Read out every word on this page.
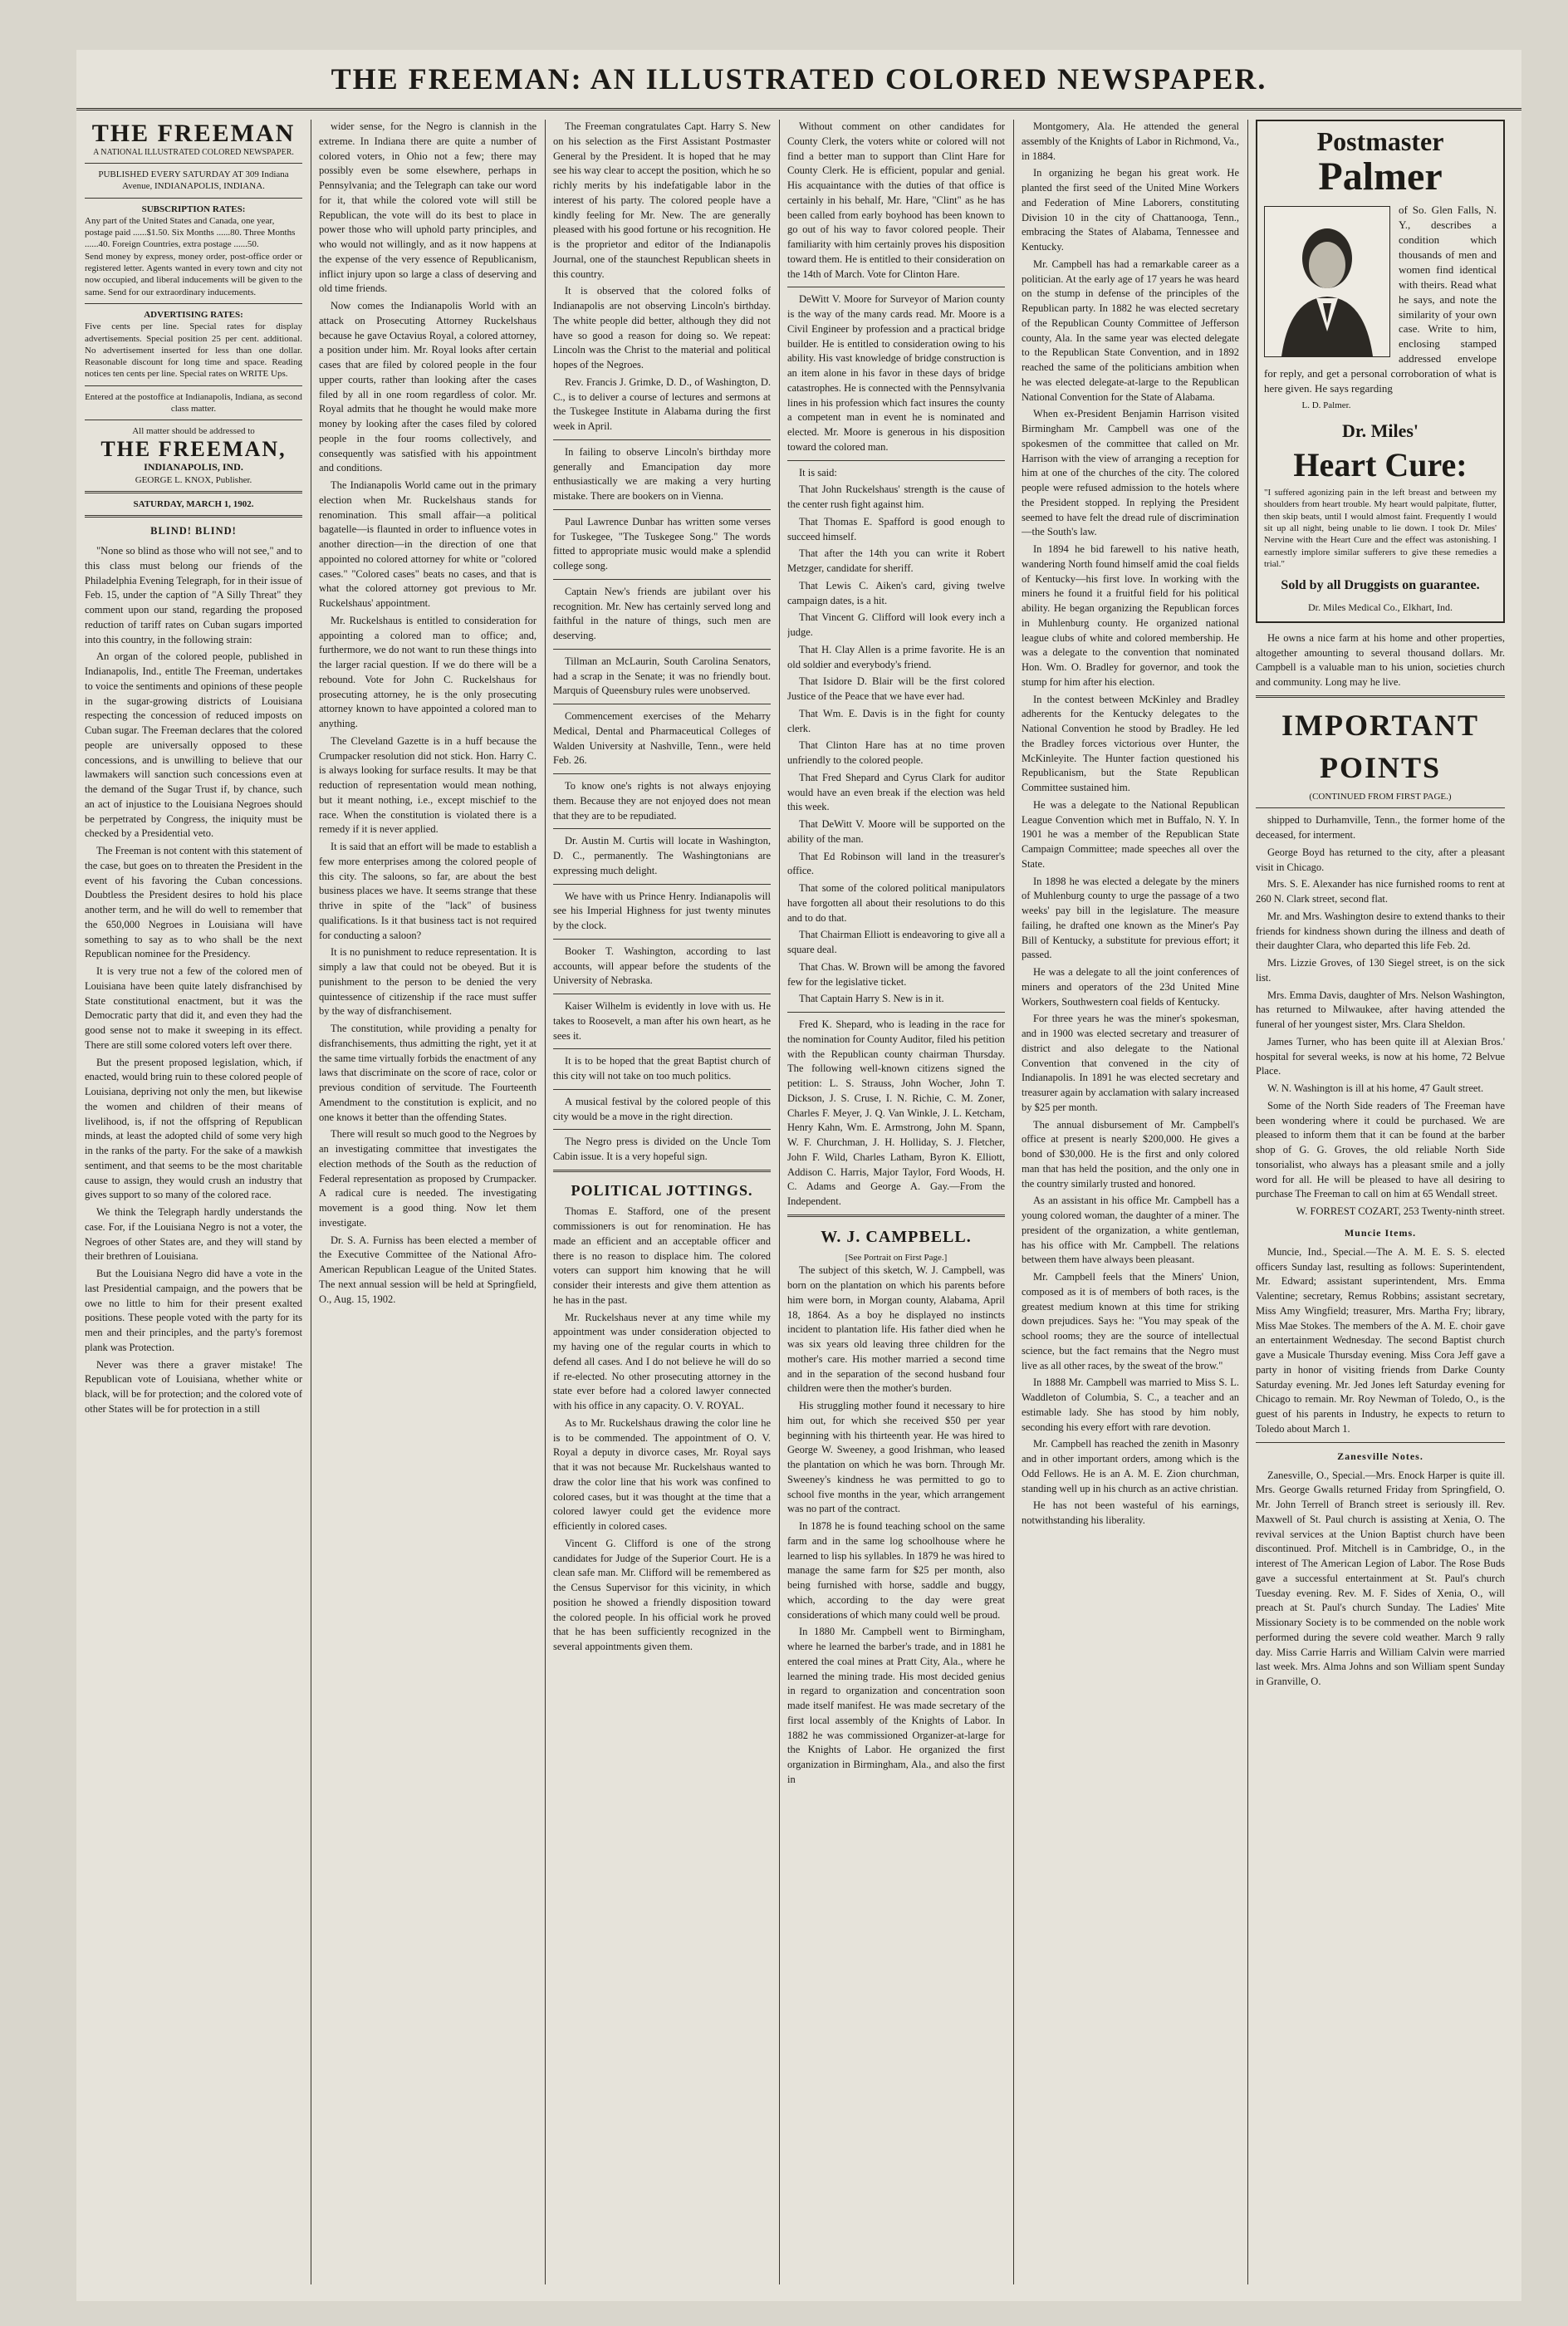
THE FREEMAN: AN ILLUSTRATED COLORED NEWSPAPER.
THE FREEMAN
A NATIONAL ILLUSTRATED COLORED NEWSPAPER.
PUBLISHED EVERY SATURDAY AT 309 Indiana Avenue, INDIANAPOLIS, INDIANA.
SUBSCRIPTION RATES:
Any part of the United States and Canada, one year, postage paid ......$1.50. Six Months ......80. Three Months ......40. Foreign Countries, extra postage ......50.
Send money by express, money order, post-office order or registered letter. Agents wanted in every town and city not now occupied, and liberal inducements will be given to the same. Send for our extraordinary inducements.
ADVERTISING RATES:
Five cents per line. Special rates for display advertisements. Special position 25 per cent. additional. No advertisement inserted for less than one dollar. Reasonable discount for long time and space. Reading notices ten cents per line. Special rates on WRITE Ups.
Entered at the postoffice at Indianapolis, Indiana, as second class matter.
All matter should be addressed to
THE FREEMAN,
INDIANAPOLIS, IND.
GEORGE L. KNOX, Publisher.
SATURDAY, MARCH 1, 1902.
BLIND! BLIND!

"None so blind as those who will not see," and to this class must belong our friends of the Philadelphia Evening Telegraph, for in their issue of Feb. 15, under the caption of "A Silly Threat" they comment upon our stand, regarding the proposed reduction of tariff rates on Cuban sugars imported into this country, in the following strain:

An organ of the colored people, published in Indianapolis, Ind., entitle The Freeman, undertakes to voice the sentiments and opinions of these people in the sugar-growing districts of Louisiana respecting the concession of reduced imposts on Cuban sugar. The Freeman declares that the colored people are universally opposed to these concessions, and is unwilling to believe that our lawmakers will sanction such concessions even at the demand of the Sugar Trust if, by chance, such an act of injustice to the Louisiana Negroes should be perpetrated by Congress, the iniquity must be checked by a Presidential veto.

The Freeman is not content with this statement of the case, but goes on to threaten the President in the event of his favoring the Cuban concessions. Doubtless the President desires to hold his place another term, and he will do well to remember that the 650,000 Negroes in Louisiana will have something to say as to who shall be the next Republican nominee for the Presidency.

It is very true not a few of the colored men of Louisiana have been quite lately disfranchised by State constitutional enactment, but it was the Democratic party that did it, and even they had the good sense not to make it sweeping in its effect. There are still some colored voters left over there.

But the present proposed legislation, which, if enacted, would bring ruin to these colored people of Louisiana, depriving not only the men, but likewise the women and children of their means of livelihood, is, if not the offspring of Republican minds, at least the adopted child of some very high in the ranks of the party. For the sake of a mawkish sentiment, and that seems to be the most charitable cause to assign, they would crush an industry that gives support to so many of the colored race.

We think the Telegraph hardly understands the case. For, if the Louisiana Negro is not a voter, the Negroes of other States are, and they will stand by their brethren of Louisiana.

But the Louisiana Negro did have a vote in the last Presidential campaign, and the powers that be owe no little to him for their present exalted positions. These people voted with the party for its men and their principles, and the party's foremost plank was Protection.

Never was there a graver mistake! The Republican vote of Louisiana, whether white or black, will be for protection; and the colored vote of other States will be for protection in a still

wider sense, for the Negro is clannish in the extreme. In Indiana there are quite a number of colored voters, in Ohio not a few; there may possibly even be some elsewhere, perhaps in Pennsylvania; and the Telegraph can take our word for it, that while the colored vote will still be Republican, the vote will do its best to place in power those who will uphold party principles, and who would not willingly, and as it now happens at the expense of the very essence of Republicanism, inflict injury upon so large a class of deserving and old time friends.

Now comes the Indianapolis World with an attack on Prosecuting Attorney Ruckelshaus because he gave Octavius Royal, a colored attorney, a position under him. Mr. Royal looks after certain cases that are filed by colored people in the four upper courts, rather than looking after the cases filed by all in one room regardless of color. Mr. Royal admits that he thought he would make more money by looking after the cases filed by colored people in the four rooms collectively, and consequently was satisfied with his appointment and conditions.

The Indianapolis World came out in the primary election when Mr. Ruckelshaus stands for renomination. This small affair—a political bagatelle—is flaunted in order to influence votes in another direction—in the direction of one that appointed no colored attorney for white or "colored cases." "Colored cases" beats no cases, and that is what the colored attorney got previous to Mr. Ruckelshaus' appointment.

Mr. Ruckelshaus is entitled to consideration for appointing a colored man to office; and, furthermore, we do not want to run these things into the larger racial question. If we do there will be a rebound. Vote for John C. Ruckelshaus for prosecuting attorney, he is the only prosecuting attorney known to have appointed a colored man to anything.

The Cleveland Gazette is in a huff because the Crumpacker resolution did not stick. Hon. Harry C. is always looking for surface results. It may be that reduction of representation would mean nothing, but it meant nothing, i.e., except mischief to the race. When the constitution is violated there is a remedy if it is never applied.

It is said that an effort will be made to establish a few more enterprises among the colored people of this city. The saloons, so far, are about the best business places we have. It seems strange that these thrive in spite of the "lack" of business qualifications. Is it that business tact is not required for conducting a saloon?

It is no punishment to reduce representation. It is simply a law that could not be obeyed. But it is punishment to the person to be denied the very quintessence of citizenship if the race must suffer by the way of disfranchisement.

The constitution, while providing a penalty for disfranchisements, thus admitting the right, yet it at the same time virtually forbids the enactment of any laws that discriminate on the score of race, color or previous condition of servitude. The Fourteenth Amendment to the constitution is explicit, and no one knows it better than the offending States.

There will result so much good to the Negroes by an investigating committee that investigates the election methods of the South as the reduction of Federal representation as proposed by Crumpacker. A radical cure is needed. The investigating movement is a good thing. Now let them investigate.

Dr. S. A. Furniss has been elected a member of the Executive Committee of the National Afro-American Republican League of the United States. The next annual session will be held at Springfield, O., Aug. 15, 1902.

The Freeman congratulates Capt. Harry S. New on his selection as the First Assistant Postmaster General by the President. It is hoped that he may see his way clear to accept the position, which he so richly merits by his indefatigable labor in the interest of his party. The colored people have a kindly feeling for Mr. New. The are generally pleased with his good fortune or his recognition. He is the proprietor and editor of the Indianapolis Journal, one of the staunchest Republican sheets in this country.

It is observed that the colored folks of Indianapolis are not observing Lincoln's birthday. The white people did better, although they did not have so good a reason for doing so. We repeat: Lincoln was the Christ to the material and political hopes of the Negroes.

Rev. Francis J. Grimke, D. D., of Washington, D. C., is to deliver a course of lectures and sermons at the Tuskegee Institute in Alabama during the first week in April.

In failing to observe Lincoln's birthday more generally and Emancipation day more enthusiastically we are making a very hurting mistake. There are bookers on in Vienna.

Paul Lawrence Dunbar has written some verses for Tuskegee, "The Tuskegee Song." The words fitted to appropriate music would make a splendid college song.

Captain New's friends are jubilant over his recognition. Mr. New has certainly served long and faithful in the nature of things, such men are deserving.

Tillman an McLaurin, South Carolina Senators, had a scrap in the Senate; it was no friendly bout. Marquis of Queensbury rules were unobserved.

Commencement exercises of the Meharry Medical, Dental and Pharmaceutical Colleges of Walden University at Nashville, Tenn., were held Feb. 26.

To know one's rights is not always enjoying them. Because they are not enjoyed does not mean that they are to be repudiated.

Dr. Austin M. Curtis will locate in Washington, D. C., permanently. The Washingtonians are expressing much delight.

We have with us Prince Henry. Indianapolis will see his Imperial Highness for just twenty minutes by the clock.

Booker T. Washington, according to last accounts, will appear before the students of the University of Nebraska.

Kaiser Wilhelm is evidently in love with us. He takes to Roosevelt, a man after his own heart, as he sees it.

It is to be hoped that the great Baptist church of this city will not take on too much politics.

A musical festival by the colored people of this city would be a move in the right direction.

The Negro press is divided on the Uncle Tom Cabin issue. It is a very hopeful sign.

POLITICAL JOTTINGS.

Thomas E. Stafford, one of the present commissioners is out for renomination. He has made an efficient and an acceptable officer and there is no reason to displace him. The colored voters can support him knowing that he will consider their interests and give them attention as he has in the past.

Mr. Ruckelshaus never at any time while my appointment was under consideration objected to my having one of the regular courts in which to defend all cases. And I do not believe he will do so if re-elected. No other prosecuting attorney in the state ever before had a colored lawyer connected with his office in any capacity. O. V. ROYAL.

As to Mr. Ruckelshaus drawing the color line he is to be commended. The appointment of O. V. Royal a deputy in divorce cases, Mr. Royal says that it was not because Mr. Ruckelshaus wanted to draw the color line that his work was confined to colored cases, but it was thought at the time that a colored lawyer could get the evidence more efficiently in colored cases.

Vincent G. Clifford is one of the strong candidates for Judge of the Superior Court. He is a clean safe man. Mr. Clifford will be remembered as the Census Supervisor for this vicinity, in which position he showed a friendly disposition toward the colored people. In his official work he proved that he has been sufficiently recognized in the several appointments given them.

Without comment on other candidates for County Clerk, the voters white or colored will not find a better man to support than Clint Hare for County Clerk. He is efficient, popular and genial. His acquaintance with the duties of that office is certainly in his behalf, Mr. Hare, "Clint" as he has been called from early boyhood has been known to go out of his way to favor colored people. Their familiarity with him certainly proves his disposition toward them. He is entitled to their consideration on the 14th of March. Vote for Clinton Hare.

DeWitt V. Moore for Surveyor of Marion county is the way of the many cards read. Mr. Moore is a Civil Engineer by profession and a practical bridge builder. He is entitled to consideration owing to his ability. His vast knowledge of bridge construction is an item alone in his favor in these days of bridge catastrophes. He is connected with the Pennsylvania lines in his profession which fact insures the county a competent man in event he is nominated and elected. Mr. Moore is generous in his disposition toward the colored man.

It is said:

That John Ruckelshaus' strength is the cause of the center rush fight against him.

That Thomas E. Spafford is good enough to succeed himself.

That after the 14th you can write it Robert Metzger, candidate for sheriff.

That Lewis C. Aiken's card, giving twelve campaign dates, is a hit.

That Vincent G. Clifford will look every inch a judge.

That H. Clay Allen is a prime favorite. He is an old soldier and everybody's friend.

That Isidore D. Blair will be the first colored Justice of the Peace that we have ever had.

That Wm. E. Davis is in the fight for county clerk.

That Clinton Hare has at no time proven unfriendly to the colored people.

That Fred Shepard and Cyrus Clark for auditor would have an even break if the election was held this week.

That DeWitt V. Moore will be supported on the ability of the man.

That Ed Robinson will land in the treasurer's office.

That some of the colored political manipulators have forgotten all about their resolutions to do this and to do that.

That Chairman Elliott is endeavoring to give all a square deal.

That Chas. W. Brown will be among the favored few for the legislative ticket.

That Captain Harry S. New is in it.

Fred K. Shepard, who is leading in the race for the nomination for County Auditor, filed his petition with the Republican county chairman Thursday. The following well-known citizens signed the petition: L. S. Strauss, John Wocher, John T. Dickson, J. S. Cruse, I. N. Richie, C. M. Zoner, Charles F. Meyer, J. Q. Van Winkle, J. L. Ketcham, Henry Kahn, Wm. E. Armstrong, John M. Spann, W. F. Churchman, J. H. Holliday, S. J. Fletcher, John F. Wild, Charles Latham, Byron K. Elliott, Addison C. Harris, Major Taylor, Ford Woods, H. C. Adams and George A. Gay.—From the Independent.

W. J. CAMPBELL.
[See Portrait on First Page.]

The subject of this sketch, W. J. Campbell, was born on the plantation on which his parents before him were born, in Morgan county, Alabama, April 18, 1864. As a boy he displayed no instincts incident to plantation life. His father died when he was six years old leaving three children for the mother's care. His mother married a second time and in the separation of the second husband four children were then the mother's burden.

His struggling mother found it necessary to hire him out, for which she received $50 per year beginning with his thirteenth year. He was hired to George W. Sweeney, a good Irishman, who leased the plantation on which he was born. Through Mr. Sweeney's kindness he was permitted to go to school five months in the year, which arrangement was no part of the contract.

In 1878 he is found teaching school on the same farm and in the same log schoolhouse where he learned to lisp his syllables. In 1879 he was hired to manage the same farm for $25 per month, also being furnished with horse, saddle and buggy, which, according to the day were great considerations of which many could well be proud.

In 1880 Mr. Campbell went to Birmingham, where he learned the barber's trade, and in 1881 he entered the coal mines at Pratt City, Ala., where he learned the mining trade. His most decided genius in regard to organization and concentration soon made itself manifest. He was made secretary of the first local assembly of the Knights of Labor. In 1882 he was commissioned Organizer-at-large for the Knights of Labor. He organized the first organization in Birmingham, Ala., and also the first in

Montgomery, Ala. He attended the general assembly of the Knights of Labor in Richmond, Va., in 1884.

In organizing he began his great work. He planted the first seed of the United Mine Workers and Federation of Mine Laborers, constituting Division 10 in the city of Chattanooga, Tenn., embracing the States of Alabama, Tennessee and Kentucky.

Mr. Campbell has had a remarkable career as a politician. At the early age of 17 years he was heard on the stump in defense of the principles of the Republican party. In 1882 he was elected secretary of the Republican County Committee of Jefferson county, Ala. In the same year was elected delegate to the Republican State Convention, and in 1892 reached the same of the politicians ambition when he was elected delegate-at-large to the Republican National Convention for the State of Alabama.

When ex-President Benjamin Harrison visited Birmingham Mr. Campbell was one of the spokesmen of the committee that called on Mr. Harrison with the view of arranging a reception for him at one of the churches of the city. The colored people were refused admission to the hotels where the President stopped. In replying the President seemed to have felt the dread rule of discrimination—the South's law.

In 1894 he bid farewell to his native heath, wandering North found himself amid the coal fields of Kentucky—his first love. In working with the miners he found it a fruitful field for his political ability. He began organizing the Republican forces in Muhlenburg county. He organized national league clubs of white and colored membership. He was a delegate to the convention that nominated Hon. Wm. O. Bradley for governor, and took the stump for him after his election.

In the contest between McKinley and Bradley adherents for the Kentucky delegates to the National Convention he stood by Bradley. He led the Bradley forces victorious over Hunter, the McKinleyite. The Hunter faction questioned his Republicanism, but the State Republican Committee sustained him.

He was a delegate to the National Republican League Convention which met in Buffalo, N. Y. In 1901 he was a member of the Republican State Campaign Committee; made speeches all over the State.

In 1898 he was elected a delegate by the miners of Muhlenburg county to urge the passage of a two weeks' pay bill in the legislature. The measure failing, he drafted one known as the Miner's Pay Bill of Kentucky, a substitute for previous effort; it passed.

He was a delegate to all the joint conferences of miners and operators of the 23d United Mine Workers, Southwestern coal fields of Kentucky.

For three years he was the miner's spokesman, and in 1900 was elected secretary and treasurer of district and also delegate to the National Convention that convened in the city of Indianapolis. In 1891 he was elected secretary and treasurer again by acclamation with salary increased by $25 per month.

The annual disbursement of Mr. Campbell's office at present is nearly $200,000. He gives a bond of $30,000. He is the first and only colored man that has held the position, and the only one in the country similarly trusted and honored.

As an assistant in his office Mr. Campbell has a young colored woman, the daughter of a miner. The president of the organization, a white gentleman, has his office with Mr. Campbell. The relations between them have always been pleasant.

Mr. Campbell feels that the Miners' Union, composed as it is of members of both races, is the greatest medium known at this time for striking down prejudices. Says he: "You may speak of the school rooms; they are the source of intellectual science, but the fact remains that the Negro must live as all other races, by the sweat of the brow."

In 1888 Mr. Campbell was married to Miss S. L. Waddleton of Columbia, S. C., a teacher and an estimable lady. She has stood by him nobly, seconding his every effort with rare devotion.

Mr. Campbell has reached the zenith in Masonry and in other important orders, among which is the Odd Fellows. He is an A. M. E. Zion churchman, standing well up in his church as an active christian.

He has not been wasteful of his earnings, notwithstanding his liberality.

Postmaster
Palmer
of So. Glen Falls, N. Y., describes a condition which thousands of men and women find identical with theirs. Read what he says, and note the similarity of your own case. Write to him, enclosing stamped addressed envelope for reply, and get a personal corroboration of what is here given. He says regarding
L. D. Palmer.
Dr. Miles'
Heart Cure:
"I suffered agonizing pain in the left breast and between my shoulders from heart trouble. My heart would palpitate, flutter, then skip beats, until I would almost faint. Frequently I would sit up all night, being unable to lie down. I took Dr. Miles' Nervine with the Heart Cure and the effect was astonishing. I earnestly implore similar sufferers to give these remedies a trial."
Sold by all Druggists on guarantee.
Dr. Miles Medical Co., Elkhart, Ind.

He owns a nice farm at his home and other properties, altogether amounting to several thousand dollars. Mr. Campbell is a valuable man to his union, societies church and community. Long may he live.

IMPORTANT POINTS
(CONTINUED FROM FIRST PAGE.)

shipped to Durhamville, Tenn., the former home of the deceased, for interment.

George Boyd has returned to the city, after a pleasant visit in Chicago.

Mrs. S. E. Alexander has nice furnished rooms to rent at 260 N. Clark street, second flat.

Mr. and Mrs. Washington desire to extend thanks to their friends for kindness shown during the illness and death of their daughter Clara, who departed this life Feb. 2d.

Mrs. Lizzie Groves, of 130 Siegel street, is on the sick list.

Mrs. Emma Davis, daughter of Mrs. Nelson Washington, has returned to Milwaukee, after having attended the funeral of her youngest sister, Mrs. Clara Sheldon.

James Turner, who has been quite ill at Alexian Bros.' hospital for several weeks, is now at his home, 72 Belvue Place.

W. N. Washington is ill at his home, 47 Gault street.

Some of the North Side readers of The Freeman have been wondering where it could be purchased. We are pleased to inform them that it can be found at the barber shop of G. G. Groves, the old reliable North Side tonsorialist, who always has a pleasant smile and a jolly word for all. He will be pleased to have all desiring to purchase The Freeman to call on him at 65 Wendall street.

W. FORREST COZART, 253 Twenty-ninth street.

Muncie Items.

Muncie, Ind., Special.—The A. M. E. S. S. elected officers Sunday last, resulting as follows: Superintendent, Mr. Edward; assistant superintendent, Mrs. Emma Valentine; secretary, Remus Robbins; assistant secretary, Miss Amy Wingfield; treasurer, Mrs. Martha Fry; library, Miss Mae Stokes. The members of the A. M. E. choir gave an entertainment Wednesday. The second Baptist church gave a Musicale Thursday evening. Miss Cora Jeff gave a party in honor of visiting friends from Darke County Saturday evening. Mr. Jed Jones left Saturday evening for Chicago to remain. Mr. Roy Newman of Toledo, O., is the guest of his parents in Industry, he expects to return to Toledo about March 1.

Zanesville Notes.

Zanesville, O., Special.—Mrs. Enock Harper is quite ill. Mrs. George Gwalls returned Friday from Springfield, O. Mr. John Terrell of Branch street is seriously ill. Rev. Maxwell of St. Paul church is assisting at Xenia, O. The revival services at the Union Baptist church have been discontinued. Prof. Mitchell is in Cambridge, O., in the interest of The American Legion of Labor. The Rose Buds gave a successful entertainment at St. Paul's church Tuesday evening. Rev. M. F. Sides of Xenia, O., will preach at St. Paul's church Sunday. The Ladies' Mite Missionary Society is to be commended on the noble work performed during the severe cold weather. March 9 rally day. Miss Carrie Harris and William Calvin were married last week. Mrs. Alma Johns and son William spent Sunday in Granville, O.
